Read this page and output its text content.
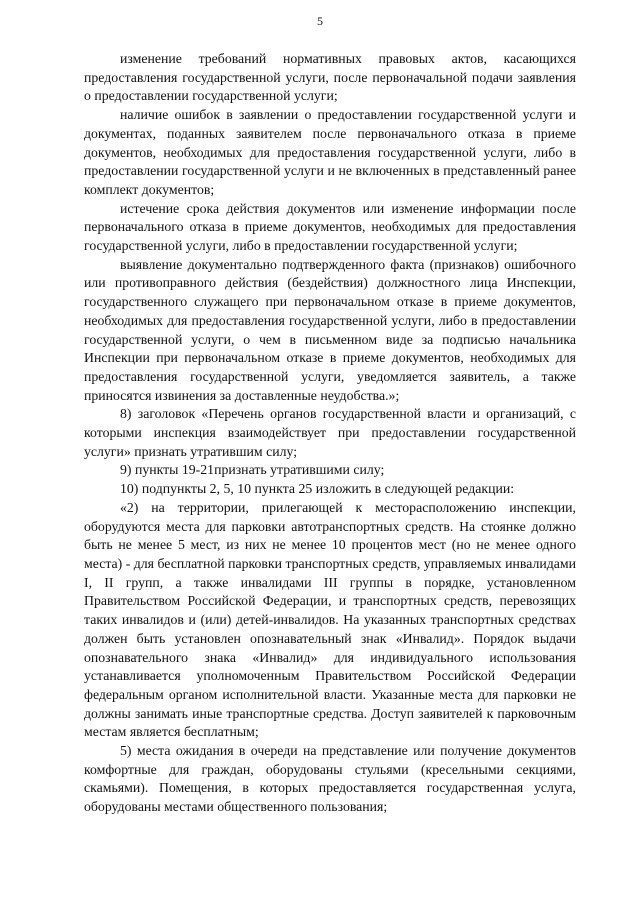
5

изменение требований нормативных правовых актов, касающихся предоставления государственной услуги, после первоначальной подачи заявления о предоставлении государственной услуги;

наличие ошибок в заявлении о предоставлении государственной услуги и документах, поданных заявителем после первоначального отказа в приеме документов, необходимых для предоставления государственной услуги, либо в предоставлении государственной услуги и не включенных в представленный ранее комплект документов;

истечение срока действия документов или изменение информации после первоначального отказа в приеме документов, необходимых для предоставления государственной услуги, либо в предоставлении государственной услуги;

выявление документально подтвержденного факта (признаков) ошибочного или противоправного действия (бездействия) должностного лица Инспекции, государственного служащего при первоначальном отказе в приеме документов, необходимых для предоставления государственной услуги, либо в предоставлении государственной услуги, о чем в письменном виде за подписью начальника Инспекции при первоначальном отказе в приеме документов, необходимых для предоставления государственной услуги, уведомляется заявитель, а также приносятся извинения за доставленные неудобства.»;

8) заголовок «Перечень органов государственной власти и организаций, с которыми инспекция взаимодействует при предоставлении государственной услуги» признать утратившим силу;

9) пункты 19-21признать утратившими силу;

10) подпункты 2, 5, 10 пункта 25 изложить в следующей редакции:

«2) на территории, прилегающей к месторасположению инспекции, оборудуются места для парковки автотранспортных средств. На стоянке должно быть не менее 5 мест, из них не менее 10 процентов мест (но не менее одного места) - для бесплатной парковки транспортных средств, управляемых инвалидами I, II групп, а также инвалидами III группы в порядке, установленном Правительством Российской Федерации, и транспортных средств, перевозящих таких инвалидов и (или) детей-инвалидов. На указанных транспортных средствах должен быть установлен опознавательный знак «Инвалид». Порядок выдачи опознавательного знака «Инвалид» для индивидуального использования устанавливается уполномоченным Правительством Российской Федерации федеральным органом исполнительной власти. Указанные места для парковки не должны занимать иные транспортные средства. Доступ заявителей к парковочным местам является бесплатным;

5) места ожидания в очереди на представление или получение документов комфортные для граждан, оборудованы стульями (кресельными секциями, скамьями). Помещения, в которых предоставляется государственная услуга, оборудованы местами общественного пользования;
